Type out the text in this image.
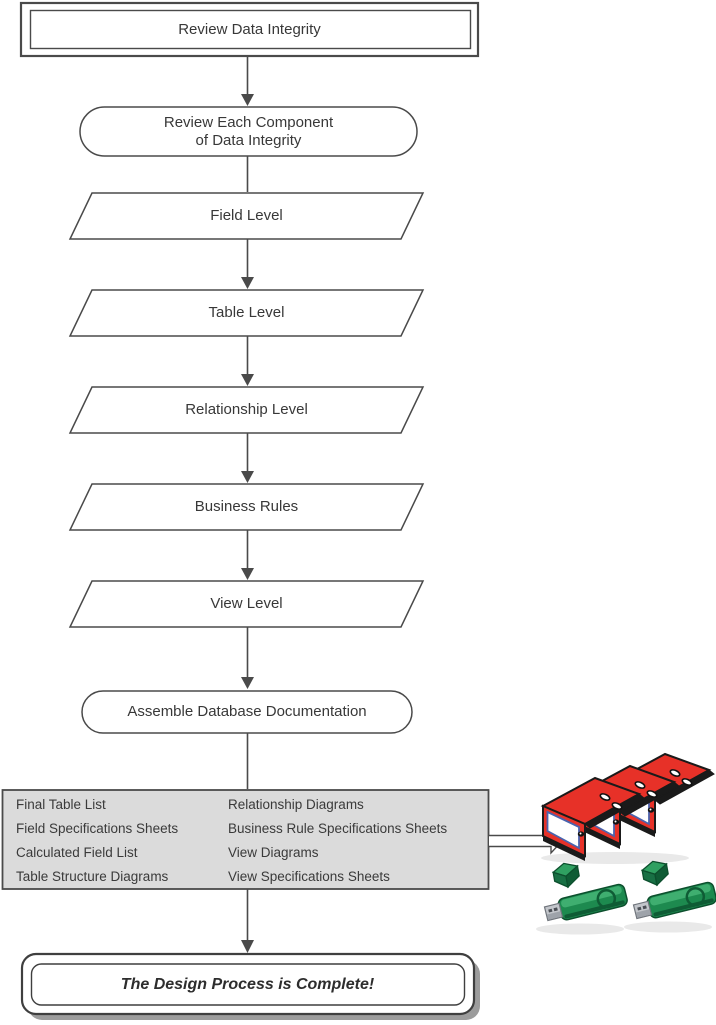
Review Data Integrity
Review Each Component
of Data Integrity
Field Level
Table Level
Relationship Level
Business Rules
View Level
Assemble Database Documentation
Final Table List
Field Specifications Sheets
Calculated Field List
Table Structure Diagrams
Relationship Diagrams
Business Rule Specifications Sheets
View Diagrams
View Specifications Sheets
The Design Process is Complete!
